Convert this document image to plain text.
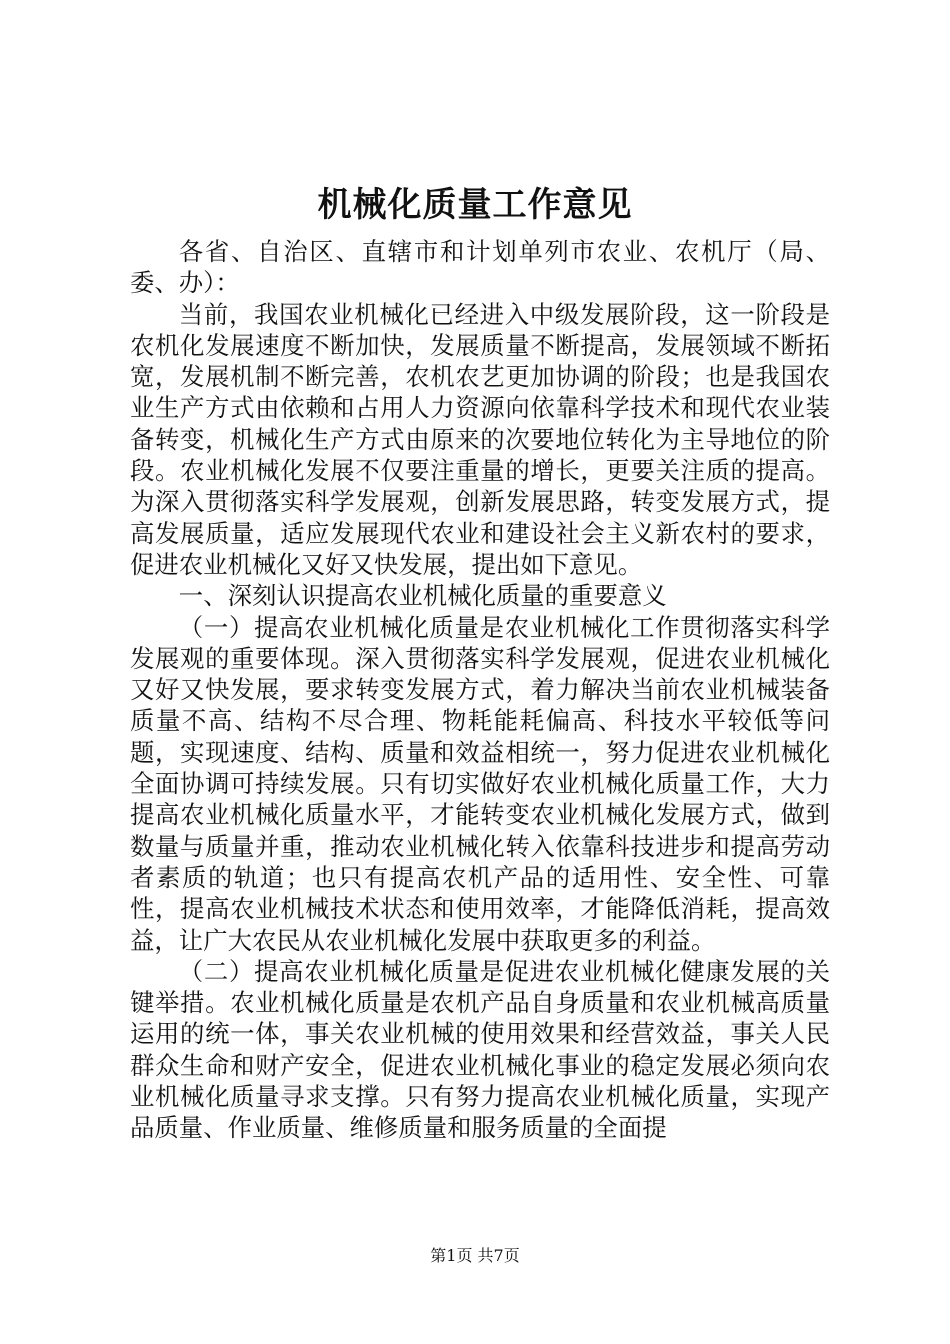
机械化质量工作意见

各省、自治区、直辖市和计划单列市农业、农机厅（局、委、办）：

当前，我国农业机械化已经进入中级发展阶段，这一阶段是农机化发展速度不断加快，发展质量不断提高，发展领域不断拓宽，发展机制不断完善，农机农艺更加协调的阶段；也是我国农业生产方式由依赖和占用人力资源向依靠科学技术和现代农业装备转变，机械化生产方式由原来的次要地位转化为主导地位的阶段。农业机械化发展不仅要注重量的增长，更要关注质的提高。为深入贯彻落实科学发展观，创新发展思路，转变发展方式，提高发展质量，适应发展现代农业和建设社会主义新农村的要求，促进农业机械化又好又快发展，提出如下意见。

一、深刻认识提高农业机械化质量的重要意义

（一）提高农业机械化质量是农业机械化工作贯彻落实科学发展观的重要体现。深入贯彻落实科学发展观，促进农业机械化又好又快发展，要求转变发展方式，着力解决当前农业机械装备质量不高、结构不尽合理、物耗能耗偏高、科技水平较低等问题，实现速度、结构、质量和效益相统一，努力促进农业机械化全面协调可持续发展。只有切实做好农业机械化质量工作，大力提高农业机械化质量水平，才能转变农业机械化发展方式，做到数量与质量并重，推动农业机械化转入依靠科技进步和提高劳动者素质的轨道；也只有提高农机产品的适用性、安全性、可靠性，提高农业机械技术状态和使用效率，才能降低消耗，提高效益，让广大农民从农业机械化发展中获取更多的利益。

（二）提高农业机械化质量是促进农业机械化健康发展的关键举措。农业机械化质量是农机产品自身质量和农业机械高质量运用的统一体，事关农业机械的使用效果和经营效益，事关人民群众生命和财产安全，促进农业机械化事业的稳定发展必须向农业机械化质量寻求支撑。只有努力提高农业机械化质量，实现产品质量、作业质量、维修质量和服务质量的全面提

第1页 共7页
